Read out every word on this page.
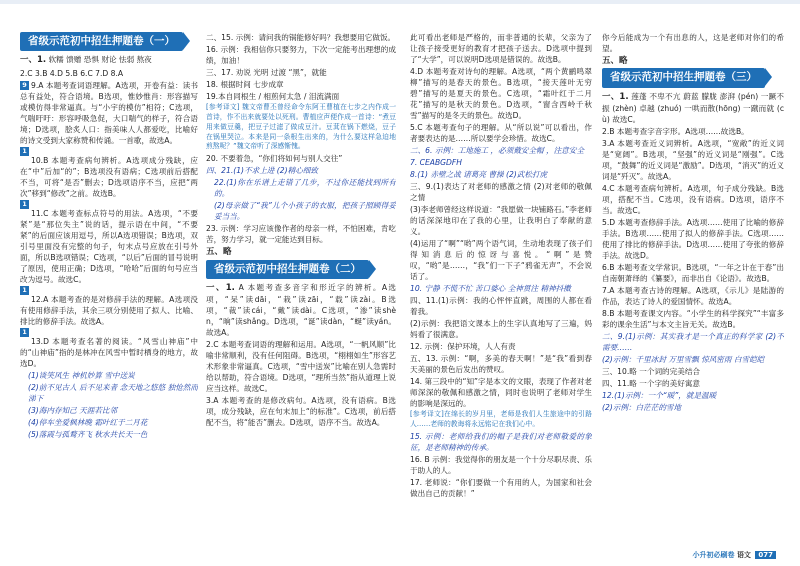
省级示范初中招生押题卷（一）
一、1. 软糯 馈赠 恐惧 财论 怯弱 熬夜
2.C 3.B 4.D 5.B 6.C 7.D 8.A
9 9.A 本题考查词语理解。A选项，开卷有益：读书总有益处，符合语境。B选项，惟妙惟肖：形容描写或模仿得非常逼真。与“小宇的模仿”相符；C选项，气喘吁吁：形容呼吸急促，大口喘气的样子，符合语境；D选项，脍炙人口：指美味人人都爱吃，比喻好的诗文受到大家称赞和传诵。一首歌，故选A。
10 10.B 本题考查病句辨析。A选项成分残缺，应在“中”后加“的”；B选项没有语病；C选项前后搭配不当，可将“是否”删去；D选项语序不当，应把“两次”移到“修改”之前。故选B。
11 11.C 本题考查标点符号的用法。A选项，“不要紧”是“那位失主”说的话，提示语在中间，“不要紧”的后面应该用逗号，所以A选项错误；B选项，双引号里面没有完整的句子，句末点号应放在引号外面，所以B选项错误；C选项，“以后”后面的冒号说明了原因，使用正确；D选项，“哈哈”后面的句号应当改为逗号。故选C。
12 12.A 本题考查的是对修辞手法的理解。A选项没有使用修辞手法，其余三项分别使用了拟人、比喻、排比的修辞手法。故选A。
13 13.D 本题考查名著的阅读。“风雪山神庙”中的“山神庙”指的是林冲在风雪中暂时栖身的地方，故选D。
(1)谈笑风生 神机妙算 雪中送炭
(2)前不见古人 后不见来者 念天地之悠悠 独怆然而涕下
(3)海内存知己 天涯若比邻
(4)停车坐爱枫林晚 霜叶红于二月花
(5)落霞与孤鹜齐飞 秋水共长天一色
二、15. 示例：请问我的锅能修好吗？我想要用它做饭。
16. 示例：我相信你只要努力，下次一定能考出理想的成绩，加油！
三、17. 劝说 光明 过渡 “黑”，就能
18. 根据时间 七步成章
19.本自同根生 / 相煎何太急 / 泪流满面
[参考译文] 魏文帝曹丕曾经命令东阿王曹植在七步之内作成一首诗，作不出来就要处以死刑。曹植应声便作成一首诗：“煮豆用来做豆羹，把豆子过滤了做成豆汁。豆萁在锅下燃烧，豆子在锅里哭泣。本来是同一条根生出来的，为什么要这样急迫地煎熬呢？”魏文帝听了深感惭愧。
20. 不要着急，“你们将如何与别人交往”
四、21.(1)不求上进 (2)精心细致
22.(1)你在乐谱上走错了几步，不过你还能找到所有的。
(2)母亲做了“我”儿个小孩子的衣服，把孩子照顾得妥妥当当。
23. 示例：学习应该像作者的母亲一样，不怕困难，肯吃苦，努力学习，就一定能达到目标。
五、略
省级示范初中招生押题卷（二）
一、1. A 本题考查多音字和形近字的辨析。A选项，“呆”读dāi，“栽”读zāi，“载”读zài。B选项，“裁”读cái，“戴”读dài。C选项，“渗”读shèn，“晌”读shǎng。D选项，“诞”读dàn，“蜒”读yán。故选A。
2.C 本题考查词语的理解和运用。A选项，“一帆风顺”比喻非常顺利，没有任何阻碍。B选项，“栩栩如生”形容艺术形象非常逼真。C选项，“雪中送炭”比喻在别人急需时给以帮助，符合语境。D选项，“理所当然”指从道理上说应当这样。故选C。
3.A 本题考查的是修改病句。A选项，没有语病。B选项，成分残缺，应在句末加上“的标准”。C选项，前后搭配不当，将“能否”删去。D选项，语序不当。故选A。
此可看出老师是严格的，而非普通的长辈，父亲为了让孩子接受更好的教育才把孩子送去。D选项中提到了“大学”，可以说明D选项是错误的。故选B。
4.D 本题考查对诗句的理解。A选项，“两个黄鹂鸣翠柳”描写的是春天的景色。B选项，“接天莲叶无穷碧”描写的是夏天的景色。C选项，“霜叶红于二月花”描写的是秋天的景色。D选项，“窗含西岭千秋雪”描写的是冬天的景色。故选D。
5.C 本题考查句子的理解。从“所以说”可以看出，作者要表达的是……所以要学会珍惜。故选C。
二、6. 示例：工地施工 ，必须戴安全帽 ，注意安全
7. CEABGDFH
8.(1) 赤壁之战 诸葛亮 曹操 (2)武松打虎
三、9.(1)表达了对老师的感激之情 (2)对老师的敬佩之情
(3)李老师曾经这样说道：“我愿做一块铺路石。”李老师的话深深地印在了我的心里，让我明白了奉献的意义。
(4)运用了“啊”“哟”两个语气词，生动地表现了孩子们得知消息后的惊讶与喜悦。“啊”是赞叹，“哟”是……，“我”们一下子“鸦雀无声”，不会说话了。
10. 宁静 不慌不忙 苦口婆心 全神贯注 精神抖擞
四、11.(1)示例：我的心怦怦直跳，周围的人都在看着我。
(2)示例：我把语文课本上的生字认真地写了三遍，妈妈看了很满意。
12. 示例：保护环境，人人有责
五、13. 示例：“啊，多美的春天啊！”是“我”看到春天美丽的景色后发出的赞叹。
14. 第三段中的“知”字是本文的文眼，表现了作者对老师深深的敬佩和感激之情，同时也说明了老师对学生的影响是深远的。
[参考译文]在绵长的岁月里，老师是我们人生旅途中的引路人……老师的教诲将永远铭记在我们心中。
15. 示例：老师给我们的帽子是我们对老师敬爱的象征，是老师精神的传承。
16. B 示例：我觉得你的朋友是一个十分尽职尽责、乐于助人的人。
17. 老师说：“你们要做一个有用的人，为国家和社会做出自己的贡献！”
你今后能成为一个有出息的人，这是老师对你们的希望。
五、略
省级示范初中招生押题卷（三）
一、1. 莲蓬 不卑不亢 蔚蓝 朦胧 澎湃 (pén) 一蹶不振 (zhèn) 卓越 (zhuó) 一哄而散(hōng) 一蹴而就 (cù) 故选C。
2.B 本题考查字音字形。A选项……故选B。
3.A 本题考查近义词辨析。A选项，“宽敞”的近义词是“宽阔”。B选项，“坚强”的近义词是“刚强”。C选项，“鼓舞”的近义词是“激励”。D选项，“消灭”的近义词是“歼灭”。故选A。
4.C 本题考查病句辨析。A选项，句子成分残缺。B选项，搭配不当。C选项，没有语病。D选项，语序不当。故选C。
5.D 本题考查修辞手法。A选项……使用了比喻的修辞手法。B选项……使用了拟人的修辞手法。C选项……使用了排比的修辞手法。D选项……使用了夸张的修辞手法。故选D。
6.B 本题考查文学常识。B选项，“一年之计在于春”出自南朝萧绎的《纂要》，而非出自《论语》。故选B。
7.A 本题考查古诗的理解。A选项，《示儿》是陆游的作品，表达了诗人的爱国情怀。故选A。
8.B 本题考查课文内容。“小学生的科学探究”“丰富多彩的课余生活”与本文主旨无关。故选B。
二、9.(1)示例：其实我才是一个真正的科学家 (2)不需要……
(2)示例：千里冰封 万里雪飘 惊风密雨 白雪皑皑
三、10.略 一个词的完美结合
四、11.略 一个字的美好寓意
12.(1)示例：一个“暖”，就是温暖
(2)示例：白茫茫的雪地
小升初必刷卷 语文 077
